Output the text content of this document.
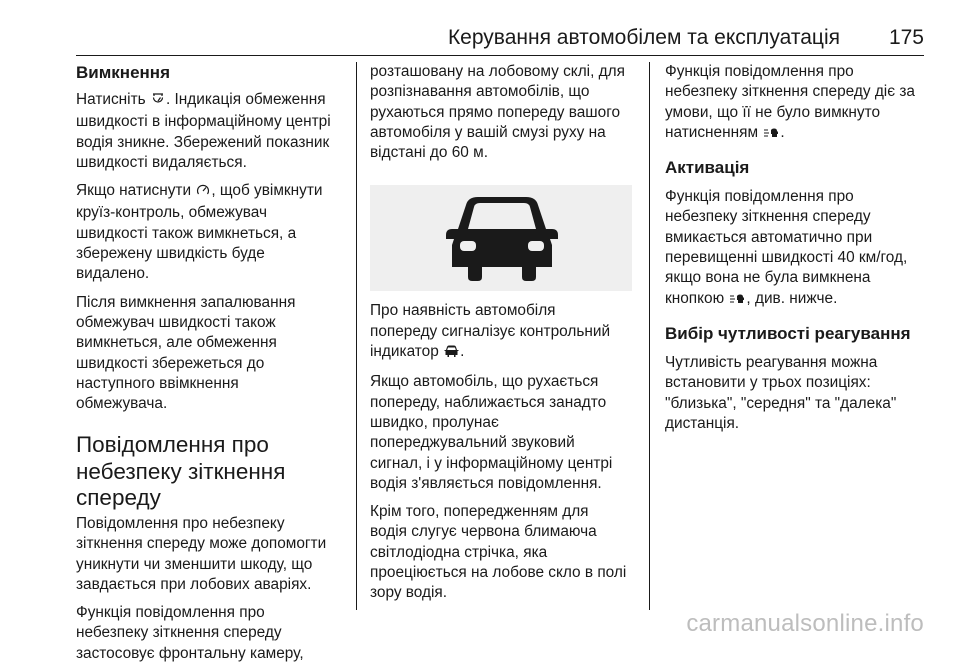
Керування автомобілем та експлуатація 175
Вимкнення
Натисніть . Індикація обмеження
швидкості в інформаційному центрі
водія зникне. Збережений показник
швидкості видаляється.
Якщо натиснути , щоб увімкнути
круїз-контроль, обмежувач
швидкості також вимкнеться, а
збережену швидкість буде
видалено.
Після вимкнення запалювання
обмежувач швидкості також
вимкнеться, але обмеження
швидкості збережеться до
наступного ввімкнення
обмежувача.
Повідомлення про
небезпеку зіткнення
спереду
Повідомлення про небезпеку
зіткнення спереду може допомогти
уникнути чи зменшити шкоду, що
завдається при лобових аваріях.
Функція повідомлення про
небезпеку зіткнення спереду
застосовує фронтальну камеру,
розташовану на лобовому склі, для
розпізнавання автомобілів, що
рухаються прямо попереду вашого
автомобіля у вашій смузі руху на
відстані до 60 м.
Про наявність автомобіля
попереду сигналізує контрольний
індикатор .
Якщо автомобіль, що рухається
попереду, наближається занадто
швидко, пролунає
попереджувальний звуковий
сигнал, і у інформаційному центрі
водія з'являється повідомлення.
Крім того, попередженням для
водія слугує червона блимаюча
світлодіодна стрічка, яка
проеціюється на лобове скло в полі
зору водія.
Функція повідомлення про
небезпеку зіткнення спереду діє за
умови, що її не було вимкнуто
натисненням .
Активація
Функція повідомлення про
небезпеку зіткнення спереду
вмикається автоматично при
перевищенні швидкості 40 км/год,
якщо вона не була вимкнена
кнопкою , див. нижче.
Вибір чутливості реагування
Чутливість реагування можна
встановити у трьох позиціях:
"близька", "середня" та "далека"
дистанція.
carmanualsonline.info
